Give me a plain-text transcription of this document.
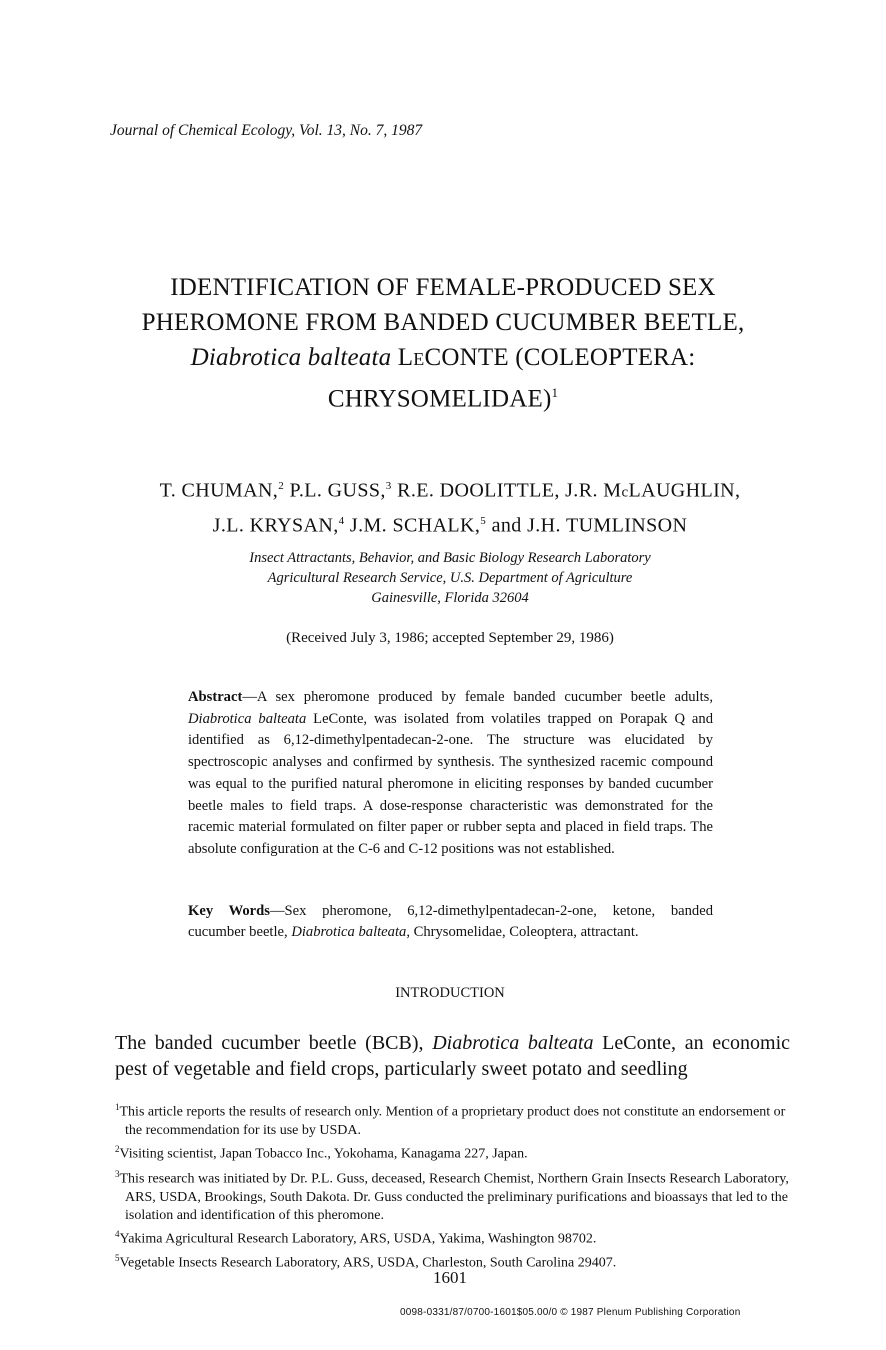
Journal of Chemical Ecology, Vol. 13, No. 7, 1987
IDENTIFICATION OF FEMALE-PRODUCED SEX
PHEROMONE FROM BANDED CUCUMBER BEETLE,
Diabrotica balteata LeCONTE (COLEOPTERA:
CHRYSOMELIDAE)$^1$
T. CHUMAN,$^2$ P.L. GUSS,$^3$ R.E. DOOLITTLE, J.R. McLAUGHLIN,
J.L. KRYSAN,$^4$ J.M. SCHALK,$^5$ and J.H. TUMLINSON
Insect Attractants, Behavior, and Basic Biology Research Laboratory
Agricultural Research Service, U.S. Department of Agriculture
Gainesville, Florida 32604
(Received July 3, 1986; accepted September 29, 1986)
Abstract—A sex pheromone produced by female banded cucumber beetle adults, Diabrotica balteata LeConte, was isolated from volatiles trapped on Porapak Q and identified as 6,12-dimethylpentadecan-2-one. The structure was elucidated by spectroscopic analyses and confirmed by synthesis. The synthesized racemic compound was equal to the purified natural pheromone in eliciting responses by banded cucumber beetle males to field traps. A dose-response characteristic was demonstrated for the racemic material formulated on filter paper or rubber septa and placed in field traps. The absolute configuration at the C-6 and C-12 positions was not established.
Key Words—Sex pheromone, 6,12-dimethylpentadecan-2-one, ketone, banded cucumber beetle, Diabrotica balteata, Chrysomelidae, Coleoptera, attractant.
INTRODUCTION
The banded cucumber beetle (BCB), Diabrotica balteata LeConte, an economic pest of vegetable and field crops, particularly sweet potato and seedling

$^1$This article reports the results of research only. Mention of a proprietary product does not constitute an endorsement or the recommendation for its use by USDA.

$^2$Visiting scientist, Japan Tobacco Inc., Yokohama, Kanagama 227, Japan.

$^3$This research was initiated by Dr. P.L. Guss, deceased, Research Chemist, Northern Grain Insects Research Laboratory, ARS, USDA, Brookings, South Dakota. Dr. Guss conducted the preliminary purifications and bioassays that led to the isolation and identification of this pheromone.

$^4$Yakima Agricultural Research Laboratory, ARS, USDA, Yakima, Washington 98702.

$^5$Vegetable Insects Research Laboratory, ARS, USDA, Charleston, South Carolina 29407.

1601
0098-0331/87/0700-1601$05.00/0 © 1987 Plenum Publishing Corporation
